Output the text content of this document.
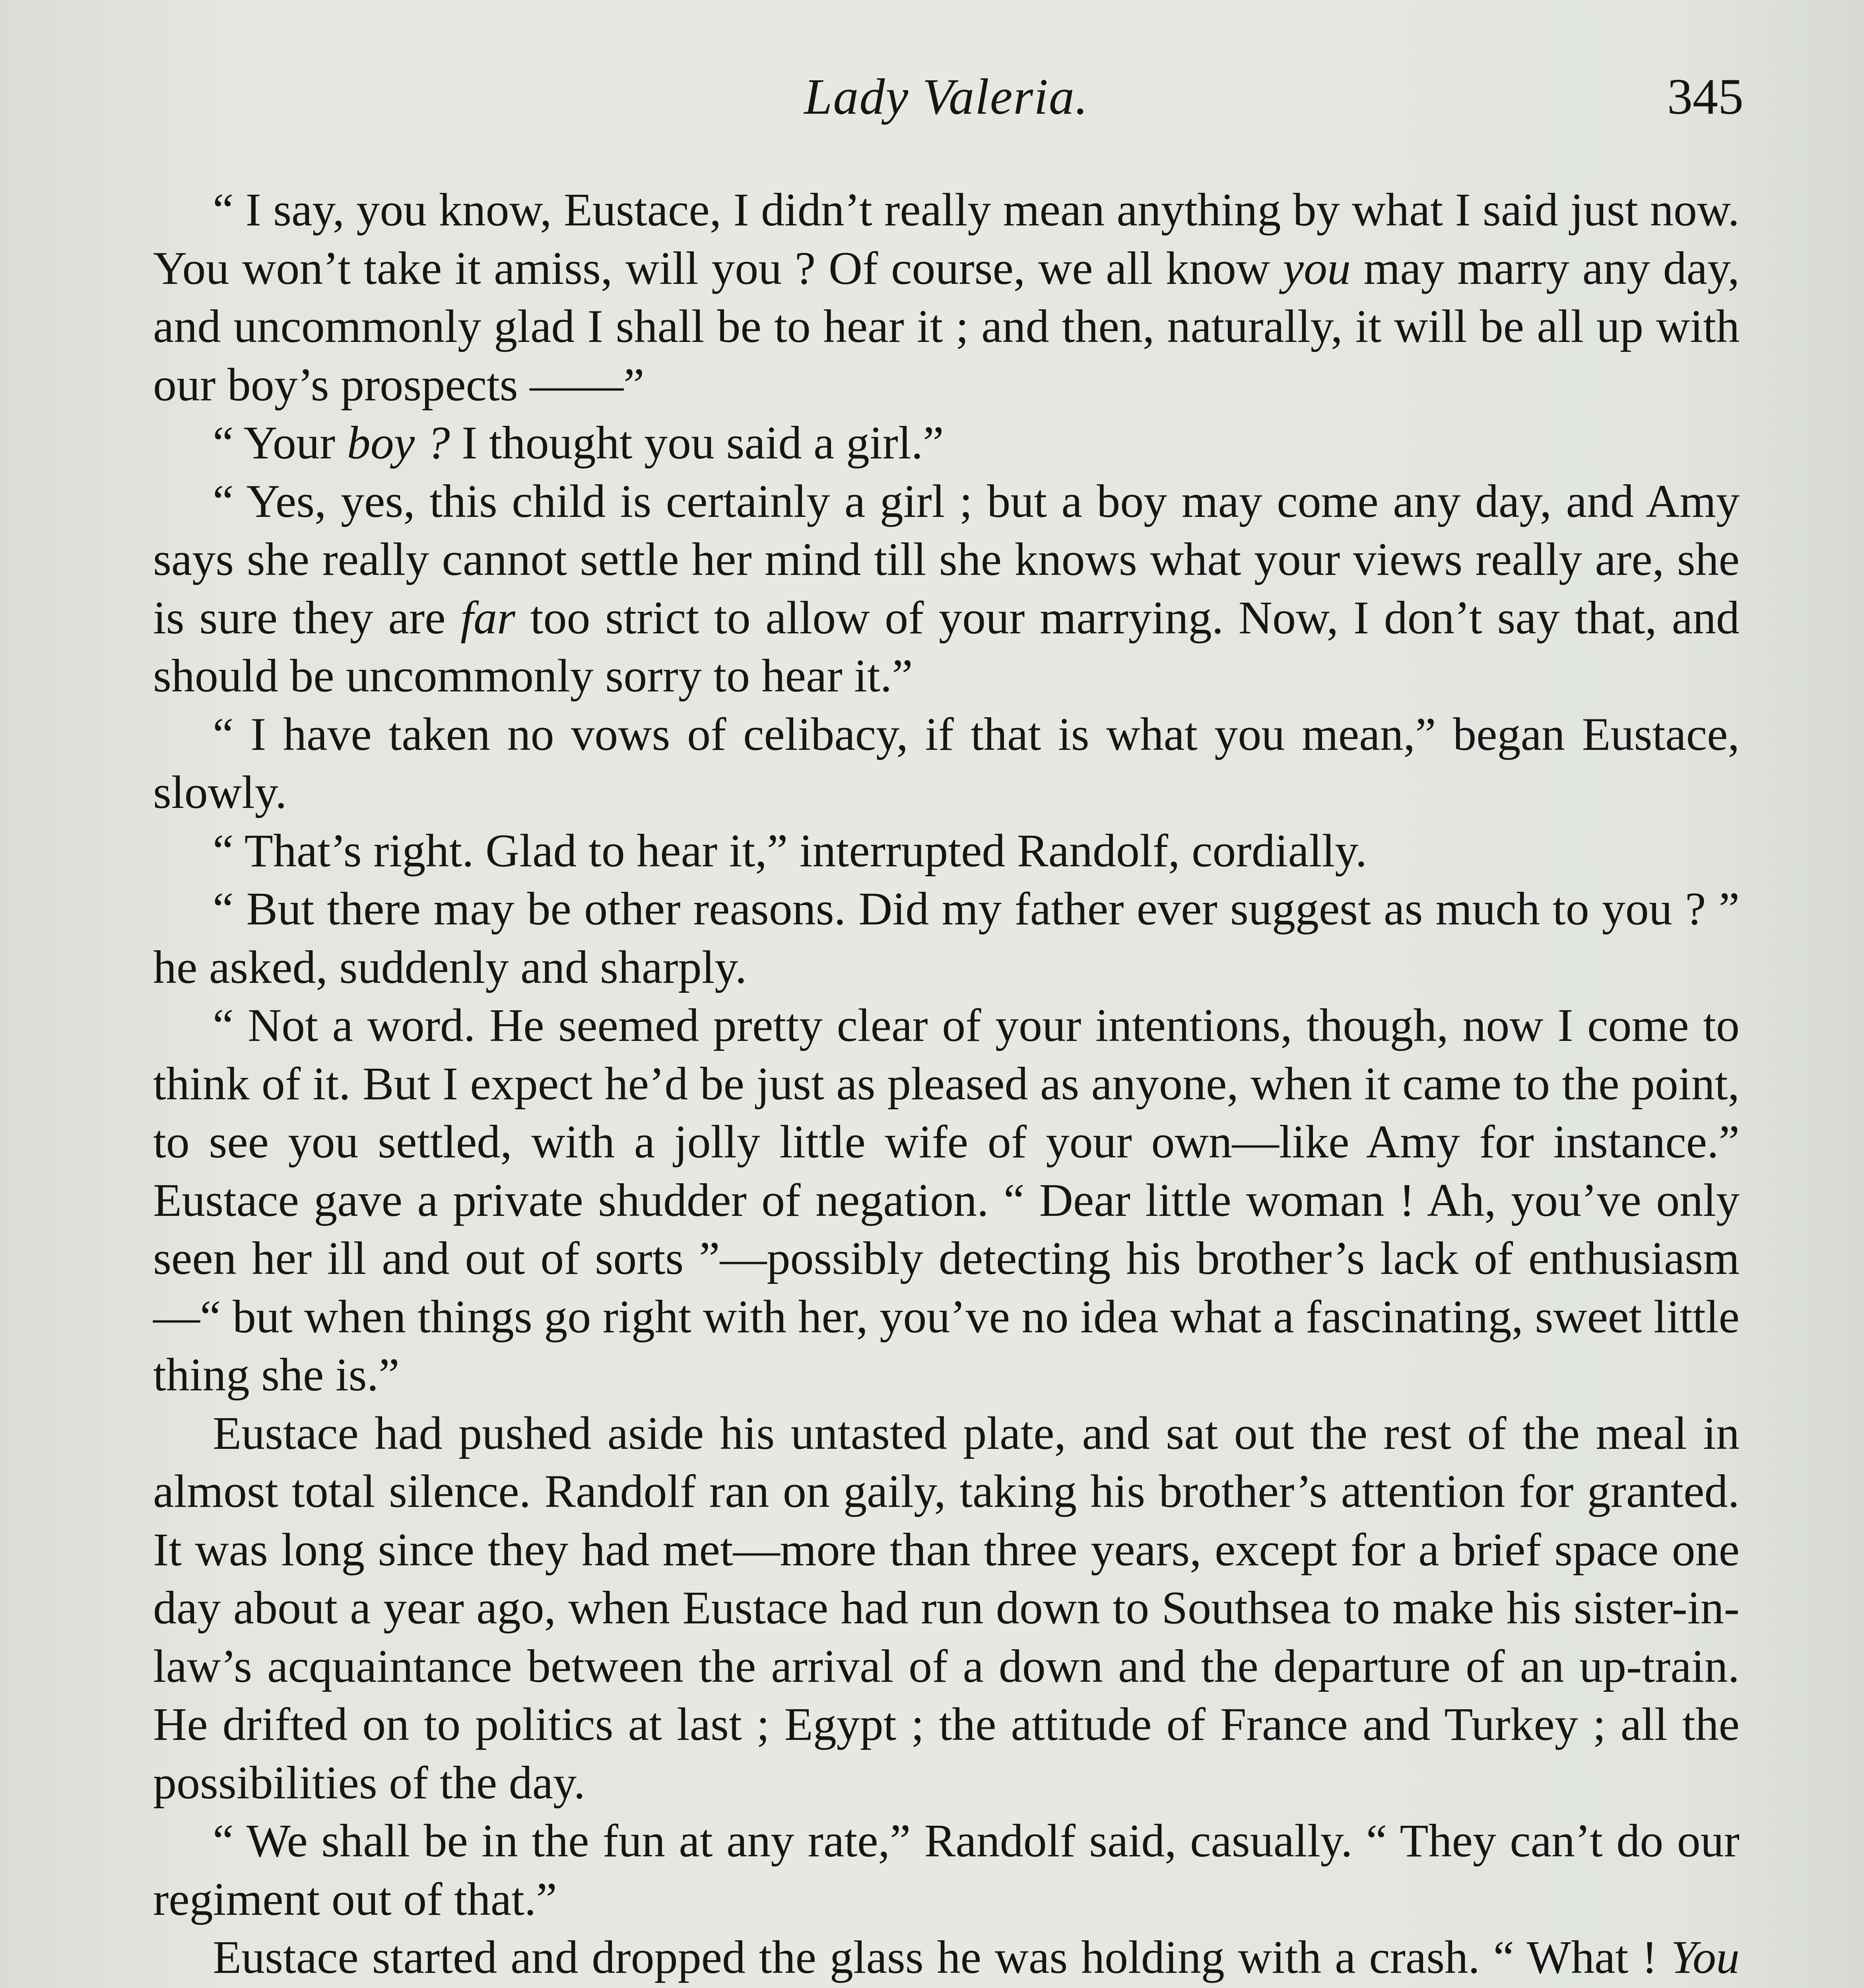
Lady Valeria.	345

“ I say, you know, Eustace, I didn’t really mean anything by what I said just now. You won’t take it amiss, will you ? Of course, we all know you may marry any day, and uncommonly glad I shall be to hear it ; and then, naturally, it will be all up with our boy’s prospects ——”

“ Your boy ? I thought you said a girl.”

“ Yes, yes, this child is certainly a girl ; but a boy may come any day, and Amy says she really cannot settle her mind till she knows what your views really are, she is sure they are far too strict to allow of your marrying. Now, I don’t say that, and should be uncommonly sorry to hear it.”

“ I have taken no vows of celibacy, if that is what you mean,” began Eustace, slowly.

“ That’s right. Glad to hear it,” interrupted Randolf, cordially.

“ But there may be other reasons. Did my father ever suggest as much to you ? ” he asked, suddenly and sharply.

“ Not a word. He seemed pretty clear of your intentions, though, now I come to think of it. But I expect he’d be just as pleased as anyone, when it came to the point, to see you settled, with a jolly little wife of your own—like Amy for instance.” Eustace gave a private shudder of negation. “ Dear little woman ! Ah, you’ve only seen her ill and out of sorts ”—possibly detecting his brother’s lack of enthusiasm—“ but when things go right with her, you’ve no idea what a fascinating, sweet little thing she is.”

Eustace had pushed aside his untasted plate, and sat out the rest of the meal in almost total silence. Randolf ran on gaily, taking his brother’s attention for granted. It was long since they had met—more than three years, except for a brief space one day about a year ago, when Eustace had run down to Southsea to make his sister-in-law’s acquaintance between the arrival of a down and the departure of an up-train. He drifted on to politics at last ; Egypt ; the attitude of France and Turkey ; all the possibilities of the day.

“ We shall be in the fun at any rate,” Randolf said, casually. “ They can’t do our regiment out of that.”

Eustace started and dropped the glass he was holding with a crash. “ What ! You
